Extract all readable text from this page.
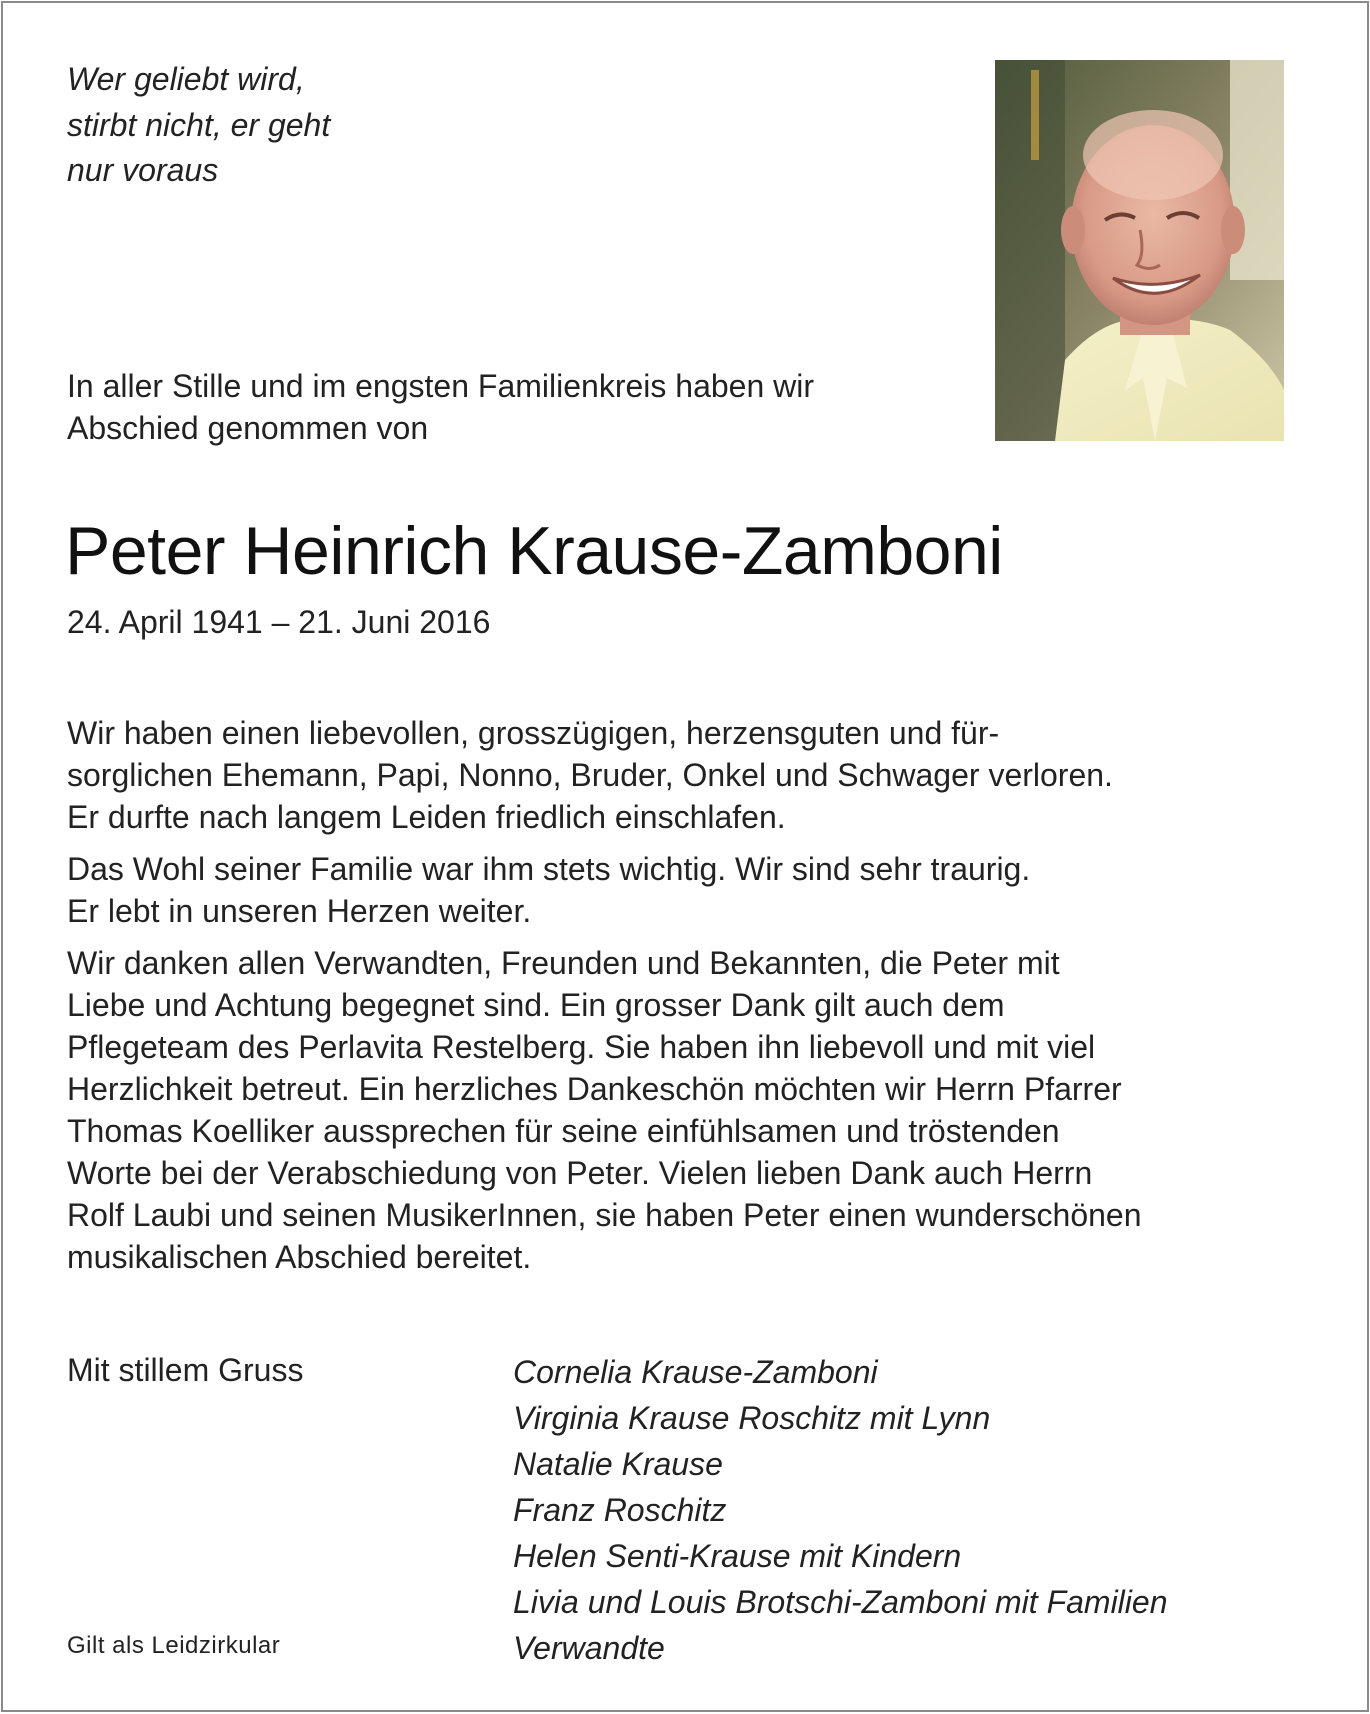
Wer geliebt wird,
stirbt nicht, er geht
nur voraus
In aller Stille und im engsten Familienkreis haben wir
Abschied genommen von
Peter Heinrich Krause-Zamboni
24. April 1941 – 21. Juni 2016
Wir haben einen liebevollen, grosszügigen, herzensguten und für-
sorglichen Ehemann, Papi, Nonno, Bruder, Onkel und Schwager verloren.
Er durfte nach langem Leiden friedlich einschlafen.
Das Wohl seiner Familie war ihm stets wichtig. Wir sind sehr traurig.
Er lebt in unseren Herzen weiter.
Wir danken allen Verwandten, Freunden und Bekannten, die Peter mit
Liebe und Achtung begegnet sind. Ein grosser Dank gilt auch dem
Pflegeteam des Perlavita Restelberg. Sie haben ihn liebevoll und mit viel
Herzlichkeit betreut. Ein herzliches Dankeschön möchten wir Herrn Pfarrer
Thomas Koelliker aussprechen für seine einfühlsamen und tröstenden
Worte bei der Verabschiedung von Peter. Vielen lieben Dank auch Herrn
Rolf Laubi und seinen MusikerInnen, sie haben Peter einen wunderschönen
musikalischen Abschied bereitet.
Mit stillem Gruss	Cornelia Krause-Zamboni
Virginia Krause Roschitz mit Lynn
Natalie Krause
Franz Roschitz
Helen Senti-Krause mit Kindern
Livia und Louis Brotschi-Zamboni mit Familien
Verwandte
Gilt als Leidzirkular
